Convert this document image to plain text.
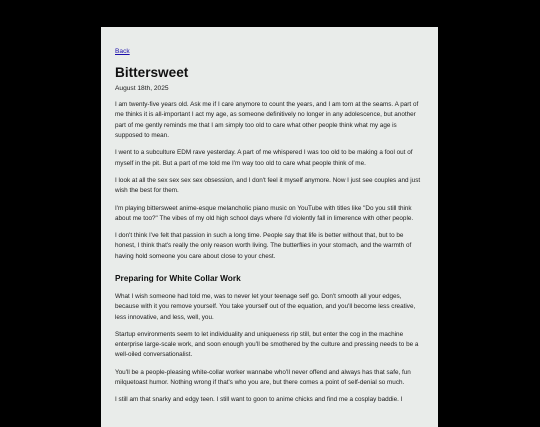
Back
Bittersweet

August 18th, 2025

I am twenty-five years old. Ask me if I care anymore to count the years, and I am torn at the seams. A part of me thinks it is all-important I act my age, as someone definitively no longer in any adolescence, but another part of me gently reminds me that I am simply too old to care what other people think what my age is supposed to mean.

I went to a subculture EDM rave yesterday. A part of me whispered I was too old to be making a fool out of myself in the pit. But a part of me told me I'm way too old to care what people think of me.

I look at all the sex sex sex sex obsession, and I don't feel it myself anymore. Now I just see couples and just wish the best for them.

I'm playing bittersweet anime-esque melancholic piano music on YouTube with titles like "Do you still think about me too?" The vibes of my old high school days where I'd violently fall in limerence with other people.

I don't think I've felt that passion in such a long time. People say that life is better without that, but to be honest, I think that's really the only reason worth living. The butterflies in your stomach, and the warmth of having hold someone you care about close to your chest.

Preparing for White Collar Work

What I wish someone had told me, was to never let your teenage self go. Don't smooth all your edges, because with it you remove yourself. You take yourself out of the equation, and you'll become less creative, less innovative, and less, well, you.

Startup environments seem to let individuality and uniqueness rip still, but enter the cog in the machine enterprise large-scale work, and soon enough you'll be smothered by the culture and pressing needs to be a well-oiled conversationalist.

You'll be a people-pleasing white-collar worker wannabe who'll never offend and always has that safe, fun milquetoast humor. Nothing wrong if that's who you are, but there comes a point of self-denial so much.

I still am that snarky and edgy teen. I still want to goon to anime chicks and find me a cosplay baddie. I
